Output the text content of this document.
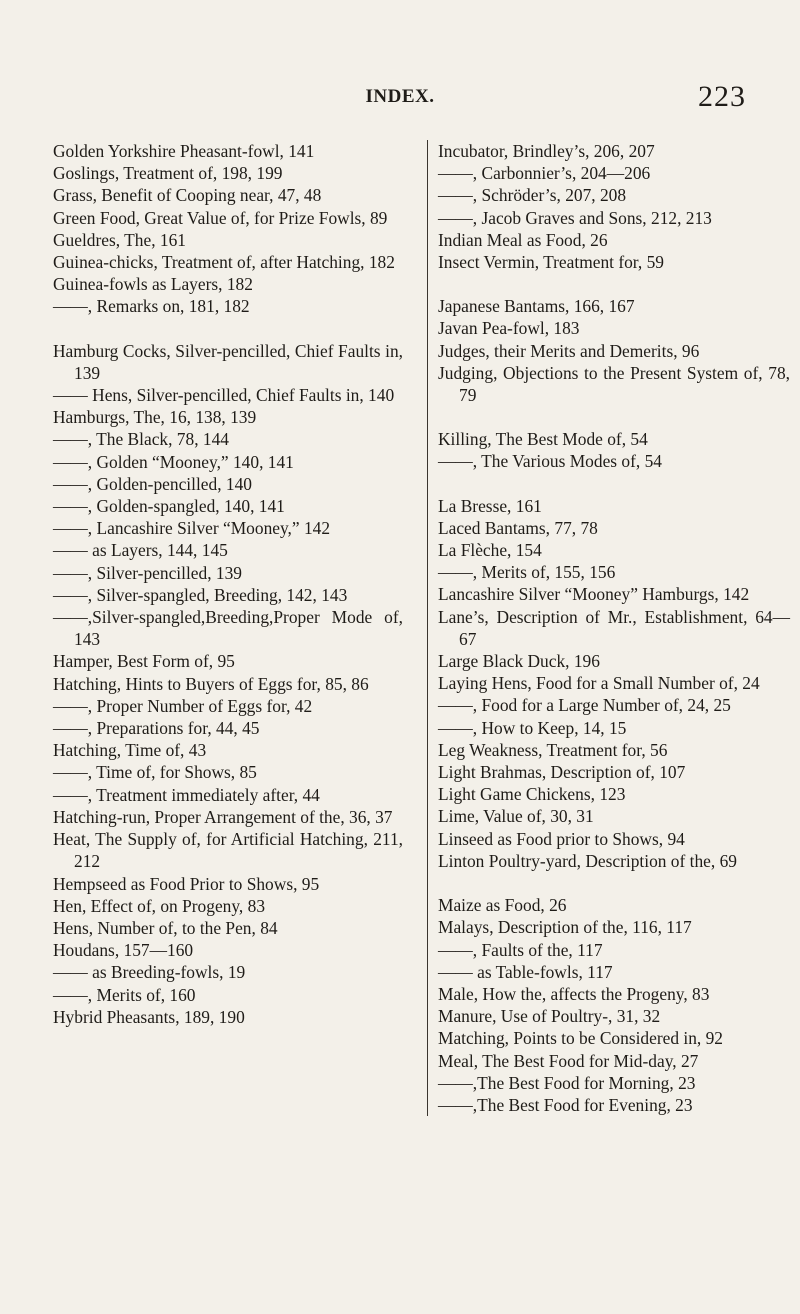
INDEX.	223
Golden Yorkshire Pheasant-fowl, 141
Goslings, Treatment of, 198, 199
Grass, Benefit of Cooping near, 47, 48
Green Food, Great Value of, for Prize Fowls, 89
Gueldres, The, 161
Guinea-chicks, Treatment of, after Hatching, 182
Guinea-fowls as Layers, 182
——, Remarks on, 181, 182
Hamburg Cocks, Silver-pencilled, Chief Faults in, 139
—— Hens, Silver-pencilled, Chief Faults in, 140
Hamburgs, The, 16, 138, 139
——, The Black, 78, 144
——, Golden “Mooney,” 140, 141
——, Golden-pencilled, 140
——, Golden-spangled, 140, 141
——, Lancashire Silver “Mooney,” 142
—— as Layers, 144, 145
——, Silver-pencilled, 139
——, Silver-spangled, Breeding, 142, 143
——,Silver-spangled,Breeding,Proper Mode of, 143
Hamper, Best Form of, 95
Hatching, Hints to Buyers of Eggs for, 85, 86
——, Proper Number of Eggs for, 42
——, Preparations for, 44, 45
Hatching, Time of, 43
——, Time of, for Shows, 85
——, Treatment immediately after, 44
Hatching-run, Proper Arrangement of the, 36, 37
Heat, The Supply of, for Artificial Hatching, 211, 212
Hempseed as Food Prior to Shows, 95
Hen, Effect of, on Progeny, 83
Hens, Number of, to the Pen, 84
Houdans, 157—160
—— as Breeding-fowls, 19
——, Merits of, 160
Hybrid Pheasants, 189, 190
Incubator, Brindley’s, 206, 207
——, Carbonnier’s, 204—206
——, Schröder’s, 207, 208
——, Jacob Graves and Sons, 212, 213
Indian Meal as Food, 26
Insect Vermin, Treatment for, 59
Japanese Bantams, 166, 167
Javan Pea-fowl, 183
Judges, their Merits and Demerits, 96
Judging, Objections to the Present System of, 78, 79
Killing, The Best Mode of, 54
——, The Various Modes of, 54
La Bresse, 161
Laced Bantams, 77, 78
La Flèche, 154
——, Merits of, 155, 156
Lancashire Silver “Mooney” Hamburgs, 142
Lane’s, Description of Mr., Establishment, 64—67
Large Black Duck, 196
Laying Hens, Food for a Small Number of, 24
——, Food for a Large Number of, 24, 25
——, How to Keep, 14, 15
Leg Weakness, Treatment for, 56
Light Brahmas, Description of, 107
Light Game Chickens, 123
Lime, Value of, 30, 31
Linseed as Food prior to Shows, 94
Linton Poultry-yard, Description of the, 69
Maize as Food, 26
Malays, Description of the, 116, 117
——, Faults of the, 117
—— as Table-fowls, 117
Male, How the, affects the Progeny, 83
Manure, Use of Poultry-, 31, 32
Matching, Points to be Considered in, 92
Meal, The Best Food for Mid-day, 27
——,The Best Food for Morning, 23
——,The Best Food for Evening, 23
